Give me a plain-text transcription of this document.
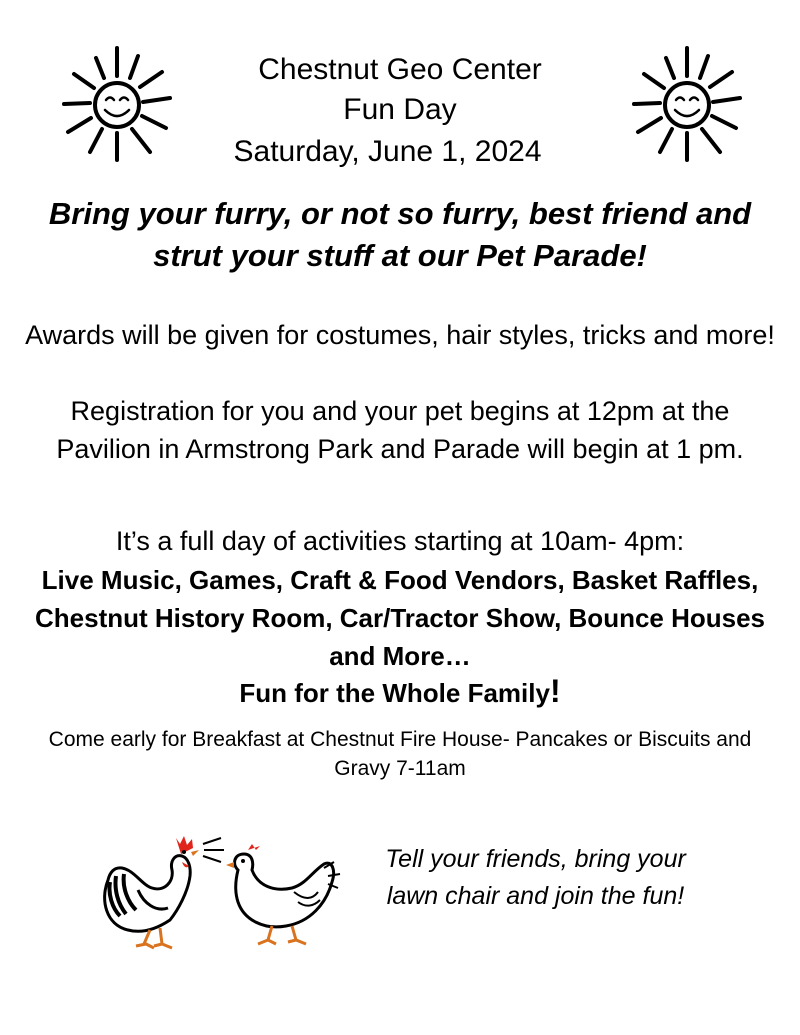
Chestnut Geo Center
Fun Day
Saturday, June 1, 2024
Bring your furry, or not so furry, best friend and strut your stuff at our Pet Parade!
Awards will be given for costumes, hair styles, tricks and more!
Registration for you and your pet begins at 12pm at the Pavilion in Armstrong Park and Parade will begin at 1 pm.
It’s a full day of activities starting at 10am- 4pm:
Live Music, Games, Craft & Food Vendors, Basket Raffles, Chestnut History Room, Car/Tractor Show, Bounce Houses and More…
Fun for the Whole Family!
Come early for Breakfast at Chestnut Fire House- Pancakes or Biscuits and Gravy 7-11am
Tell your friends, bring your lawn chair and join the fun!
